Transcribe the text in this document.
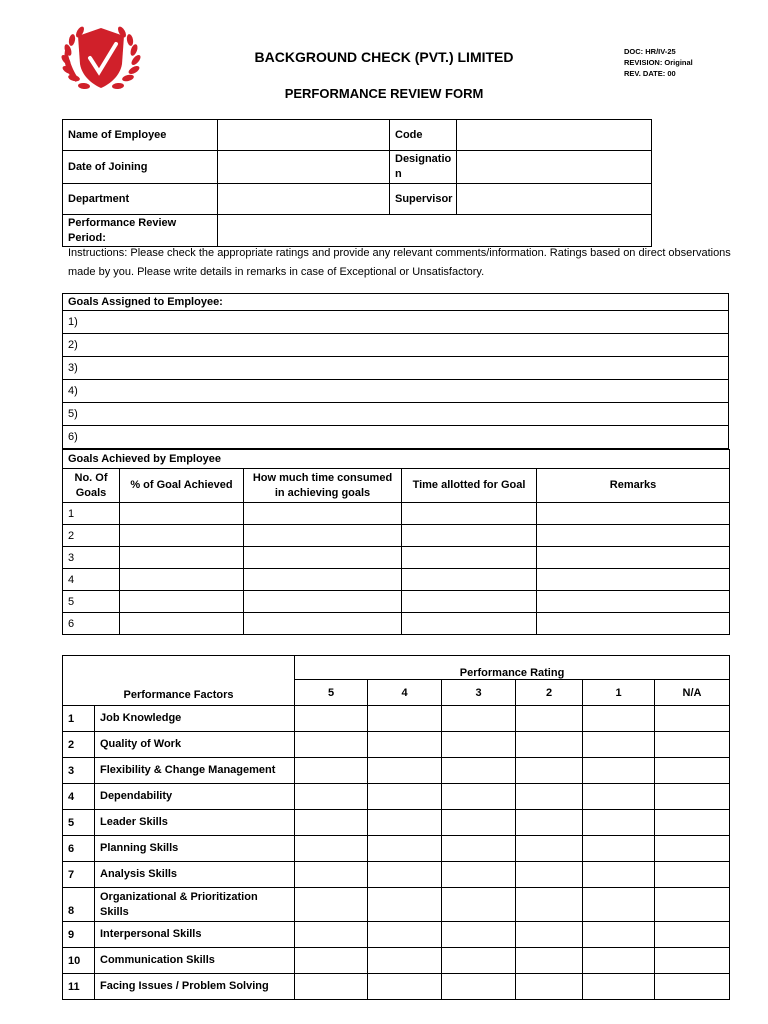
BACKGROUND CHECK (PVT.) LIMITED
PERFORMANCE REVIEW FORM
DOC: HR/IV-25
REVISION: Original
REV. DATE: 00
Name of Employee		Code	
Date of Joining		Designatio
n	
Department		Supervisor	
Performance Review Period:			
Instructions: Please check the appropriate ratings and provide any relevant comments/information. Ratings based on direct observations made by you. Please write details in remarks in case of Exceptional or Unsatisfactory.
Goals Assigned to Employee:
1)
2)
3)
4)
5)
6)
Goals Achieved by Employee				
No. Of Goals	% of Goal Achieved	How much time consumed in achieving goals	Time allotted for Goal	Remarks
1				
2				
3				
4				
5				
6				
Performance Factors		Performance Rating					
		5	4	3	2	1	N/A
1	Job Knowledge						
2	Quality of Work						
3	Flexibility & Change Management						
4	Dependability						
5	Leader Skills						
6	Planning Skills						
7	Analysis Skills						
8	Organizational & Prioritization Skills						
9	Interpersonal Skills						
10	Communication Skills						
11	Facing Issues / Problem Solving						
